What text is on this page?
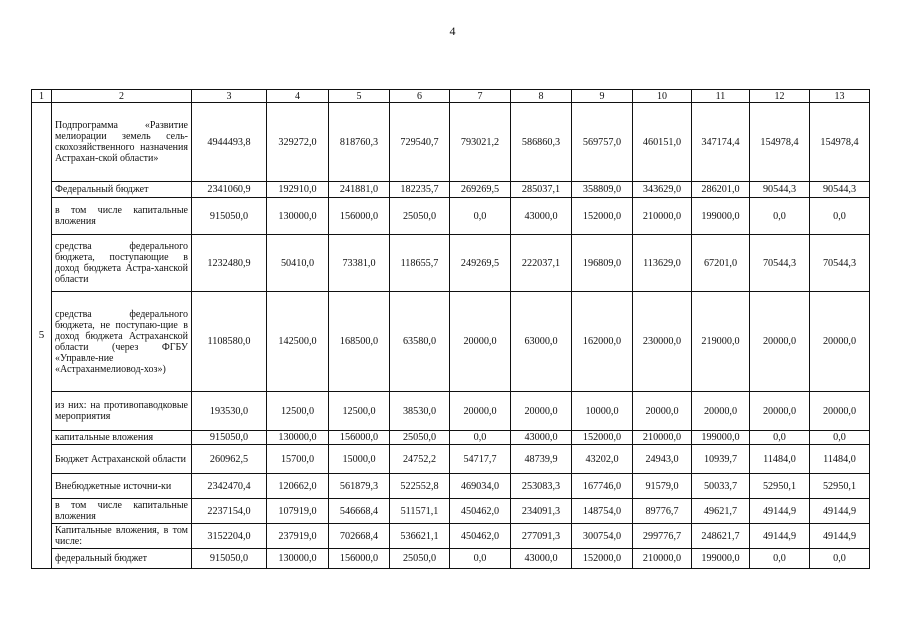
4
1	2	3	4	5	6	7	8	9	10	11	12	13
5	Подпрограмма «Развитие мелиорации земель сель-скохозяйственного назначения Астрахан-ской области»	4944493,8	329272,0	818760,3	729540,7	793021,2	586860,3	569757,0	460151,0	347174,4	154978,4	154978,4
	Федеральный бюджет	2341060,9	192910,0	241881,0	182235,7	269269,5	285037,1	358809,0	343629,0	286201,0	90544,3	90544,3
	в том числе капитальные вложения	915050,0	130000,0	156000,0	25050,0	0,0	43000,0	152000,0	210000,0	199000,0	0,0	0,0
	средства федерального бюджета, поступающие в доход бюджета Астра-ханской области	1232480,9	50410,0	73381,0	118655,7	249269,5	222037,1	196809,0	113629,0	67201,0	70544,3	70544,3
	средства федерального бюджета, не поступаю-щие в доход бюджета Астраханской области (через ФГБУ «Управле-ние «Астраханмелиовод-хоз»)	1108580,0	142500,0	168500,0	63580,0	20000,0	63000,0	162000,0	230000,0	219000,0	20000,0	20000,0
	из них: на противопаводковые мероприятия	193530,0	12500,0	12500,0	38530,0	20000,0	20000,0	10000,0	20000,0	20000,0	20000,0	20000,0
	капитальные вложения	915050,0	130000,0	156000,0	25050,0	0,0	43000,0	152000,0	210000,0	199000,0	0,0	0,0
	Бюджет Астраханской области	260962,5	15700,0	15000,0	24752,2	54717,7	48739,9	43202,0	24943,0	10939,7	11484,0	11484,0
	Внебюджетные источни-ки	2342470,4	120662,0	561879,3	522552,8	469034,0	253083,3	167746,0	91579,0	50033,7	52950,1	52950,1
	в том числе капитальные вложения	2237154,0	107919,0	546668,4	511571,1	450462,0	234091,3	148754,0	89776,7	49621,7	49144,9	49144,9
	Капитальные вложения, в том числе:	3152204,0	237919,0	702668,4	536621,1	450462,0	277091,3	300754,0	299776,7	248621,7	49144,9	49144,9
	федеральный бюджет	915050,0	130000,0	156000,0	25050,0	0,0	43000,0	152000,0	210000,0	199000,0	0,0	0,0
